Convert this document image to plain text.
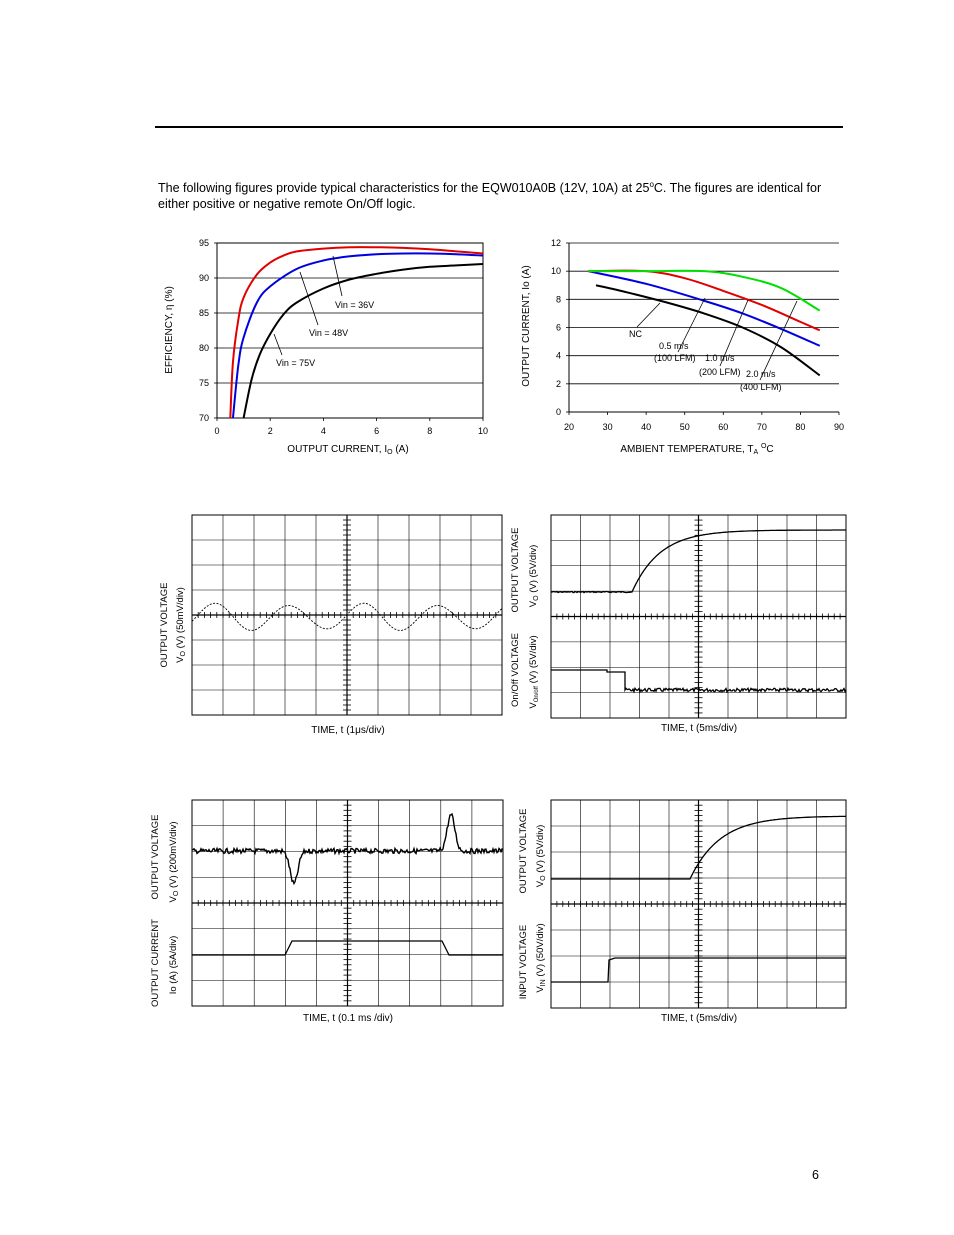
The following figures provide typical characteristics for the EQW010A0B (12V, 10A) at 25$^o$C. The figures are identical for either positive or negative remote On/Off logic.
70
75
80
85
90
95
0	2	4	6	8	10
Vin = 36V
Vin = 48V
Vin = 75V
OUTPUT CURRENT, $I_O$ (A)
EFFICIENCY, η (%)
0
2
4
6
8
10
12
20	30	40	50	60	70	80	90
NC
0.5 m/s
(100 LFM) 1.0 m/s
(200 LFM) 2.0 m/s
(400 LFM)
AMBIENT TEMPERATURE, $T_A$ $^O$C
OUTPUT CURRENT, Io (A)
OUTPUT VOLTAGE $V_O$ (V) (50mV/div)
TIME, t (1μs/div)
OUTPUT VOLTAGE $V_O$ (V) (5V/div)
On/Off VOLTAGE $V_{On/off}$ (V) (5V/div)
TIME, t (5ms/div)
OUTPUT VOLTAGE $V_O$ (V) (200mV/div)
OUTPUT CURRENT Io (A) (5A/div)
TIME, t (0.1 ms /div)
OUTPUT VOLTAGE $V_O$ (V) (5V/div)
INPUT VOLTAGE $V_{IN}$ (V) (50V/div)
TIME, t (5ms/div)
6
